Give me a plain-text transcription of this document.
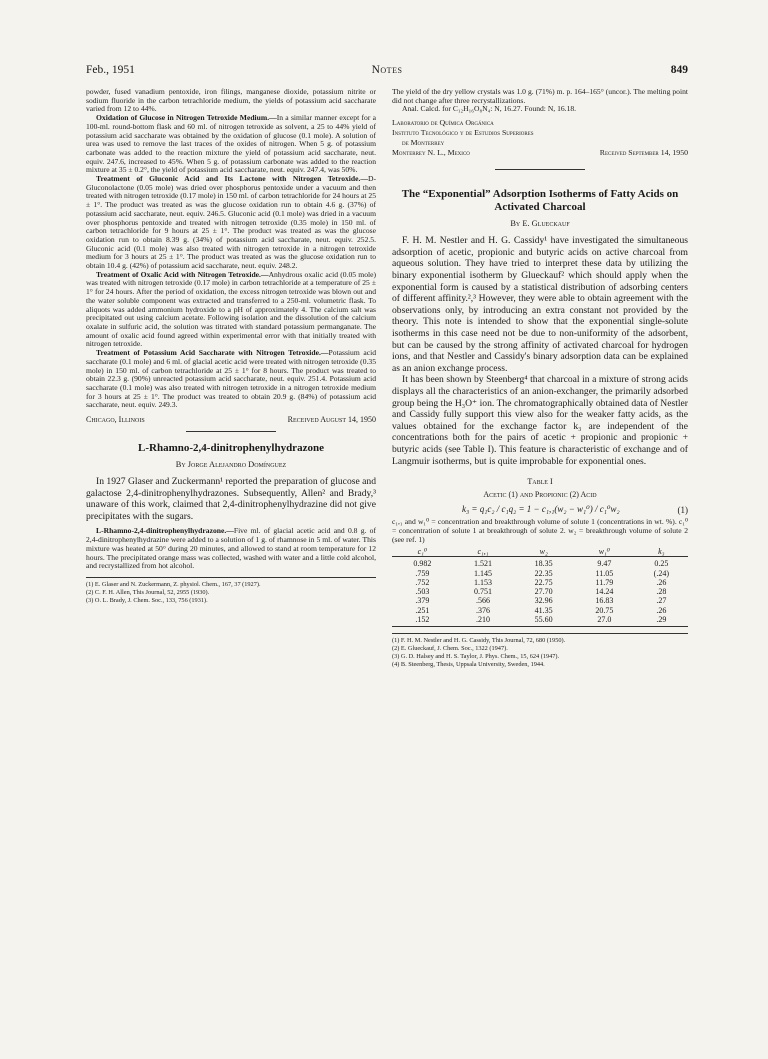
Feb., 1951	Notes	849

powder, fused vanadium pentoxide, iron filings, manganese dioxide, potassium nitrite or sodium fluoride in the carbon tetrachloride medium, the yields of potassium acid saccharate varied from 12 to 44%.

Oxidation of Glucose in Nitrogen Tetroxide Medium.—In a similar manner except for a 100-ml. round-bottom flask and 60 ml. of nitrogen tetroxide as solvent, a 25 to 44% yield of potassium acid saccharate was obtained by the oxidation of glucose (0.1 mole). A solution of urea was used to remove the last traces of the oxides of nitrogen. When 5 g. of potassium carbonate was added to the reaction mixture the yield of potassium acid saccharate, neut. equiv. 247.6, increased to 45%. When 5 g. of potassium carbonate was added to the reaction mixture at 35 ± 0.2°, the yield of potassium acid saccharate, neut. equiv. 247.4, was 50%.

Treatment of Gluconic Acid and Its Lactone with Nitrogen Tetroxide.—D-Gluconolactone (0.05 mole) was dried over phosphorus pentoxide under a vacuum and then treated with nitrogen tetroxide (0.17 mole) in 150 ml. of carbon tetrachloride for 24 hours at 25 ± 1°. The product was treated as was the glucose oxidation run to obtain 4.6 g. (37%) of potassium acid saccharate, neut. equiv. 246.5. Gluconic acid (0.1 mole) was dried in a vacuum over phosphorus pentoxide and treated with nitrogen tetroxide (0.35 mole) in 150 ml. of carbon tetrachloride for 9 hours at 25 ± 1°. The product was treated as was the glucose oxidation run to obtain 8.39 g. (34%) of potassium acid saccharate, neut. equiv. 252.5. Gluconic acid (0.1 mole) was also treated with nitrogen tetroxide in a nitrogen tetroxide medium for 3 hours at 25 ± 1°. The product was treated as was the glucose oxidation run to obtain 10.4 g. (42%) of potassium acid saccharate, neut. equiv. 248.2.

Treatment of Oxalic Acid with Nitrogen Tetroxide.—Anhydrous oxalic acid (0.05 mole) was treated with nitrogen tetroxide (0.17 mole) in carbon tetrachloride at a temperature of 25 ± 1° for 24 hours. After the period of oxidation, the excess nitrogen tetroxide was blown out and the water soluble component was extracted and transferred to a 250-ml. volumetric flask. To aliquots was added ammonium hydroxide to a pH of approximately 4. The calcium salt was precipitated out using calcium acetate. Following isolation and the dissolution of the calcium oxalate in sulfuric acid, the solution was titrated with standard potassium permanganate. The amount of oxalic acid found agreed within experimental error with that initially treated with nitrogen tetroxide.

Treatment of Potassium Acid Saccharate with Nitrogen Tetroxide.—Potassium acid saccharate (0.1 mole) and 6 ml. of glacial acetic acid were treated with nitrogen tetroxide (0.35 mole) in 150 ml. of carbon tetrachloride at 25 ± 1° for 8 hours. The product was treated to obtain 22.3 g. (90%) unreacted potassium acid saccharate, neut. equiv. 251.4. Potassium acid saccharate (0.1 mole) was also treated with nitrogen tetroxide in a nitrogen tetroxide medium for 3 hours at 25 ± 1°. The product was treated to obtain 20.9 g. (84%) of potassium acid saccharate, neut. equiv. 249.3.

Chicago, Illinois	Received August 14, 1950
L-Rhamno-2,4-dinitrophenylhydrazone
By Jorge Alejandro Domínguez

In 1927 Glaser and Zuckermann¹ reported the preparation of glucose and galactose 2,4-dinitrophenylhydrazones. Subsequently, Allen² and Brady,³ unaware of this work, claimed that 2,4-dinitrophenylhydrazine did not give precipitates with the sugars.

L-Rhamno-2,4-dinitrophenylhydrazone.—Five ml. of glacial acetic acid and 0.8 g. of 2,4-dinitrophenylhydrazine were added to a solution of 1 g. of rhamnose in 5 ml. of water. This mixture was heated at 50° during 20 minutes, and allowed to stand at room temperature for 12 hours. The precipitated orange mass was collected, washed with water and a little cold alcohol, and recrystallized from hot alcohol.

(1) E. Glaser and N. Zuckermann, Z. physiol. Chem., 167, 37 (1927).
(2) C. F. H. Allen, This Journal, 52, 2955 (1930).
(3) O. L. Brady, J. Chem. Soc., 133, 756 (1931).

The yield of the dry yellow crystals was 1.0 g. (71%) m. p. 164–165° (uncor.). The melting point did not change after three recrystallizations.

Anal. Calcd. for C₁₂H₁₆O₈N₄: N, 16.27. Found: N, 16.18.

Laboratorio de Química Orgánica
Instituto Tecnológico y de Estudios Superiores
de Monterrey
Monterrey N. L., Mexico	Received September 14, 1950
The “Exponential” Adsorption Isotherms of Fatty Acids on Activated Charcoal
By E. Glueckauf

F. H. M. Nestler and H. G. Cassidy¹ have investigated the simultaneous adsorption of acetic, propionic and butyric acids on active charcoal from aqueous solution. They have tried to interpret these data by utilizing the binary exponential isotherm by Glueckauf² which should apply when the exponential form is caused by a statistical distribution of adsorbing centers of different affinity.²,³ However, they were able to obtain agreement with the observations only, by introducing an extra constant not provided by the theory. This note is intended to show that the exponential single-solute isotherms in this case need not be due to non-uniformity of the adsorbent, but can be caused by the strong affinity of activated charcoal for hydrogen ions, and that Nestler and Cassidy's binary adsorption data can be explained as an anion exchange process.

It has been shown by Steenberg⁴ that charcoal in a mixture of strong acids displays all the characteristics of an anion-exchanger, the primarily adsorbed group being the H₃O⁺ ion. The chromatographically obtained data of Nestler and Cassidy fully support this view also for the weaker fatty acids, as the values obtained for the exchange factor k₃ are independent of the concentrations both for the pairs of acetic + propionic and propionic + butyric acids (see Table I). This feature is characteristic of exchange and of Langmuir isotherms, but is quite improbable for exponential ones.

Table I
Acetic (1) and Propionic (2) Acid
k₃ = q₁c₂ / c₁q₂ = 1 − c₁,₁(w₂ − w₁⁰) / c₁⁰w₂	(1)

c₁,₁ and w₁⁰ = concentration and breakthrough volume of solute 1 (concentrations in wt. %). c₁⁰ = concentration of solute 1 at breakthrough of solute 2. w₂ = breakthrough volume of solute 2 (see ref. 1)

c₁⁰	c₁,₁	w₂	w₁⁰	k₃
0.982	1.521	18.35	9.47	0.25
.759	1.145	22.35	11.05	(.24)
.752	1.153	22.75	11.79	.26
.503	0.751	27.70	14.24	.28
.379	.566	32.96	16.83	.27
.251	.376	41.35	20.75	.26
.152	.210	55.60	27.0	.29
(1) F. H. M. Nestler and H. G. Cassidy, This Journal, 72, 680 (1950).
(2) E. Glueckauf, J. Chem. Soc., 1322 (1947).
(3) G. D. Halsey and H. S. Taylor, J. Phys. Chem., 15, 624 (1947).
(4) B. Steenberg, Thesis, Uppsala University, Sweden, 1944.
